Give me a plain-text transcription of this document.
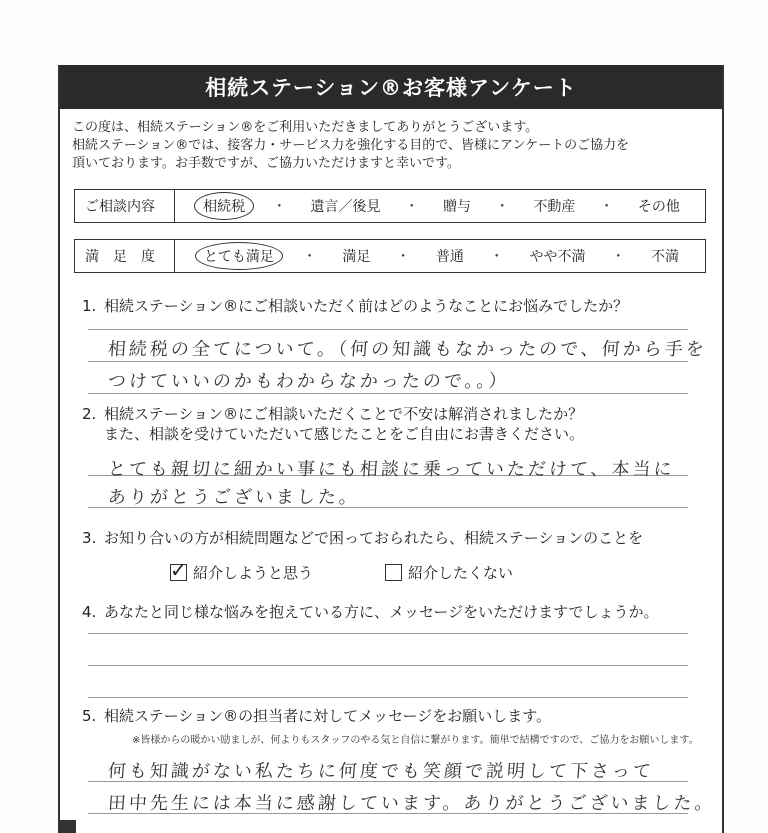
相続ステーション®お客様アンケート
この度は、相続ステーション®をご利用いただきましてありがとうございます。
相続ステーション®では、接客力・サービス力を強化する目的で、皆様にアンケートのご協力を
頂いております。お手数ですが、ご協力いただけますと幸いです。
ご相談内容	相続税	・	遺言／後見	・	贈与	・	不動産	・	その他
満　足　度	とても満足	・	満足	・	普通	・	やや不満	・	不満
1. 相続ステーション®にご相談いただく前はどのようなことにお悩みでしたか？
相続税の全てについて。（何の知識もなかったので、何から手を
つけていいのかもわからなかったので。。）
2. 相続ステーション®にご相談いただくことで不安は解消されましたか？
また、相談を受けていただいて感じたことをご自由にお書きください。
とても親切に細かい事にも相談に乗っていただけて、本当に
ありがとうございました。
3. お知り合いの方が相続問題などで困っておられたら、相続ステーションのことを
✓ 紹介しようと思う	紹介したくない
4. あなたと同じ様な悩みを抱えている方に、メッセージをいただけますでしょうか。
5. 相続ステーション®の担当者に対してメッセージをお願いします。
※皆様からの暖かい励ましが、何よりもスタッフのやる気と自信に繋がります。簡単で結構ですので、ご協力をお願いします。
何も知識がない私たちに何度でも笑顔で説明して下さって
田中先生には本当に感謝しています。ありがとうございました。
